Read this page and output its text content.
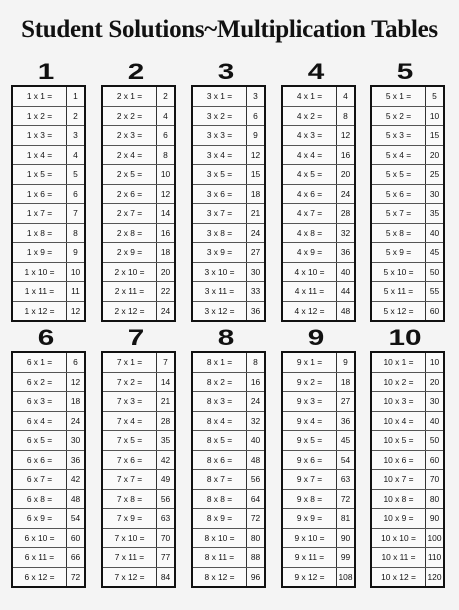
Student Solutions~Multiplication Tables
1
1 x 1 =	1
1 x 2 =	2
1 x 3 =	3
1 x 4 =	4
1 x 5 =	5
1 x 6 =	6
1 x 7 =	7
1 x 8 =	8
1 x 9 =	9
1 x 10 =	10
1 x 11 =	11
1 x 12 =	12
2
2 x 1 =	2
2 x 2 =	4
2 x 3 =	6
2 x 4 =	8
2 x 5 =	10
2 x 6 =	12
2 x 7 =	14
2 x 8 =	16
2 x 9 =	18
2 x 10 =	20
2 x 11 =	22
2 x 12 =	24
3
3 x 1 =	3
3 x 2 =	6
3 x 3 =	9
3 x 4 =	12
3 x 5 =	15
3 x 6 =	18
3 x 7 =	21
3 x 8 =	24
3 x 9 =	27
3 x 10 =	30
3 x 11 =	33
3 x 12 =	36
4
4 x 1 =	4
4 x 2 =	8
4 x 3 =	12
4 x 4 =	16
4 x 5 =	20
4 x 6 =	24
4 x 7 =	28
4 x 8 =	32
4 x 9 =	36
4 x 10 =	40
4 x 11 =	44
4 x 12 =	48
5
5 x 1 =	5
5 x 2 =	10
5 x 3 =	15
5 x 4 =	20
5 x 5 =	25
5 x 6 =	30
5 x 7 =	35
5 x 8 =	40
5 x 9 =	45
5 x 10 =	50
5 x 11 =	55
5 x 12 =	60
6
6 x 1 =	6
6 x 2 =	12
6 x 3 =	18
6 x 4 =	24
6 x 5 =	30
6 x 6 =	36
6 x 7 =	42
6 x 8 =	48
6 x 9 =	54
6 x 10 =	60
6 x 11 =	66
6 x 12 =	72
7
7 x 1 =	7
7 x 2 =	14
7 x 3 =	21
7 x 4 =	28
7 x 5 =	35
7 x 6 =	42
7 x 7 =	49
7 x 8 =	56
7 x 9 =	63
7 x 10 =	70
7 x 11 =	77
7 x 12 =	84
8
8 x 1 =	8
8 x 2 =	16
8 x 3 =	24
8 x 4 =	32
8 x 5 =	40
8 x 6 =	48
8 x 7 =	56
8 x 8 =	64
8 x 9 =	72
8 x 10 =	80
8 x 11 =	88
8 x 12 =	96
9
9 x 1 =	9
9 x 2 =	18
9 x 3 =	27
9 x 4 =	36
9 x 5 =	45
9 x 6 =	54
9 x 7 =	63
9 x 8 =	72
9 x 9 =	81
9 x 10 =	90
9 x 11 =	99
9 x 12 =	108
10
10 x 1 =	10
10 x 2 =	20
10 x 3 =	30
10 x 4 =	40
10 x 5 =	50
10 x 6 =	60
10 x 7 =	70
10 x 8 =	80
10 x 9 =	90
10 x 10 =	100
10 x 11 =	110
10 x 12 =	120
